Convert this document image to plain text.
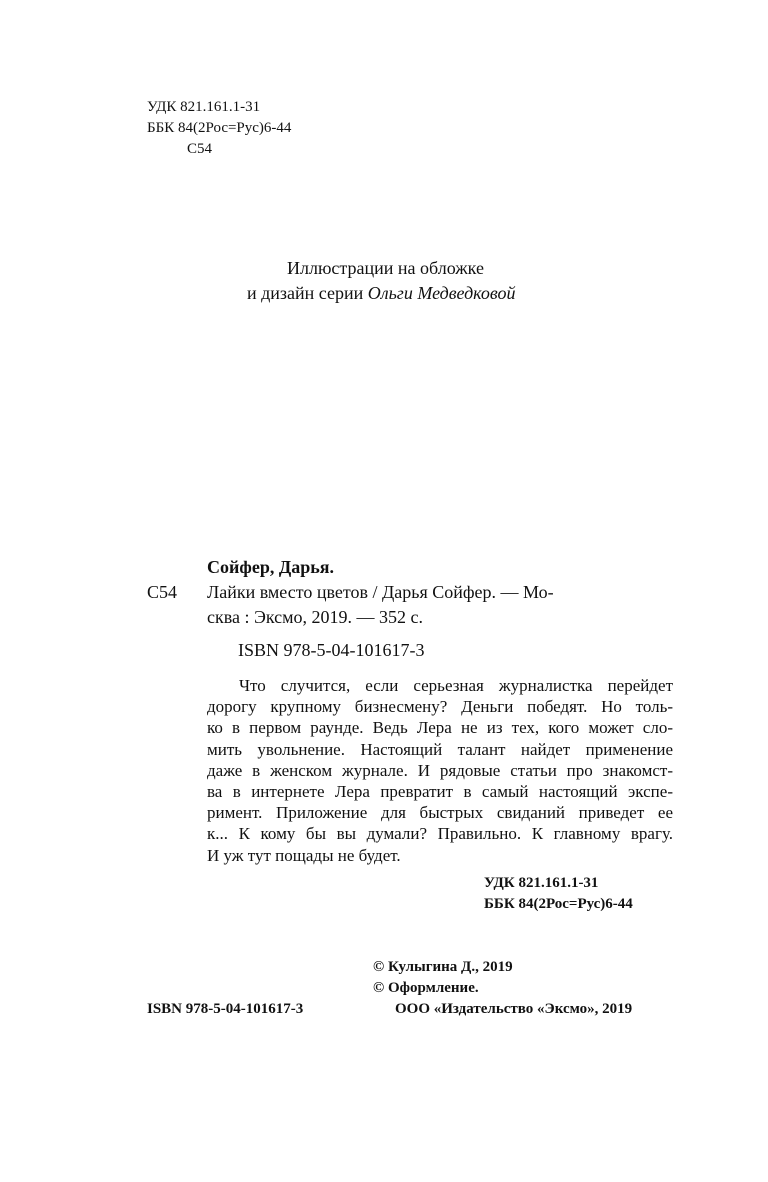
УДК 821.161.1-31
ББК 84(2Рос=Рус)6-44
С54
Иллюстрации на обложке
и дизайн серии Ольги Медведковой
Сойфер, Дарья.
С54 Лайки вместо цветов / Дарья Сойфер. — Мо-
сква : Эксмо, 2019. — 352 с.
ISBN 978-5-04-101617-3
Что случится, если серьезная журналистка перейдет
дорогу крупному бизнесмену? Деньги победят. Но толь-
ко в первом раунде. Ведь Лера не из тех, кого может сло-
мить увольнение. Настоящий талант найдет применение
даже в женском журнале. И рядовые статьи про знакомст-
ва в интернете Лера превратит в самый настоящий экспе-
римент. Приложение для быстрых свиданий приведет ее
к... К кому бы вы думали? Правильно. К главному врагу.
И уж тут пощады не будет.
УДК 821.161.1-31
ББК 84(2Рос=Рус)6-44
© Кулыгина Д., 2019
© Оформление.
ООО «Издательство «Эксмо», 2019
ISBN 978-5-04-101617-3
